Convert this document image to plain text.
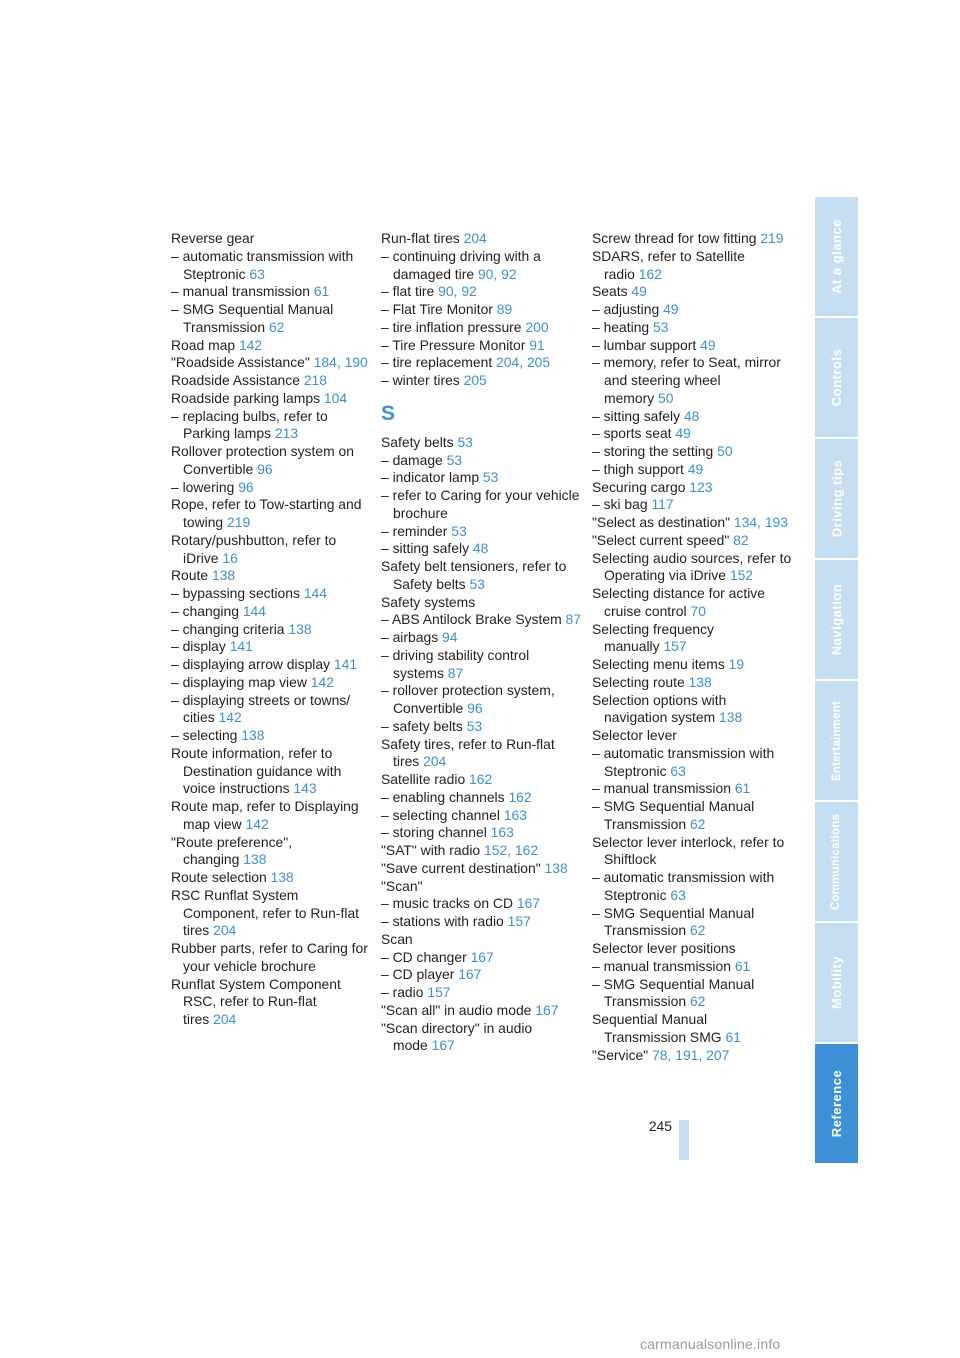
Reverse gear
– automatic transmission with Steptronic 63
– manual transmission 61
– SMG Sequential Manual Transmission 62
Road map 142
"Roadside Assistance" 184, 190
Roadside Assistance 218
Roadside parking lamps 104
– replacing bulbs, refer to Parking lamps 213
Rollover protection system on Convertible 96
– lowering 96
Rope, refer to Tow-starting and towing 219
Rotary/pushbutton, refer to iDrive 16
Route 138
– bypassing sections 144
– changing 144
– changing criteria 138
– display 141
– displaying arrow display 141
– displaying map view 142
– displaying streets or towns/ cities 142
– selecting 138
Route information, refer to Destination guidance with voice instructions 143
Route map, refer to Displaying map view 142
"Route preference", changing 138
Route selection 138
RSC Runflat System Component, refer to Run-flat tires 204
Rubber parts, refer to Caring for your vehicle brochure
Runflat System Component RSC, refer to Run-flat tires 204
Run-flat tires 204
– continuing driving with a damaged tire 90, 92
– flat tire 90, 92
– Flat Tire Monitor 89
– tire inflation pressure 200
– Tire Pressure Monitor 91
– tire replacement 204, 205
– winter tires 205
S
Safety belts 53
– damage 53
– indicator lamp 53
– refer to Caring for your vehicle brochure
– reminder 53
– sitting safely 48
Safety belt tensioners, refer to Safety belts 53
Safety systems
– ABS Antilock Brake System 87
– airbags 94
– driving stability control systems 87
– rollover protection system, Convertible 96
– safety belts 53
Safety tires, refer to Run-flat tires 204
Satellite radio 162
– enabling channels 162
– selecting channel 163
– storing channel 163
"SAT" with radio 152, 162
"Save current destination" 138
"Scan"
– music tracks on CD 167
– stations with radio 157
Scan
– CD changer 167
– CD player 167
– radio 157
"Scan all" in audio mode 167
"Scan directory" in audio mode 167
Screw thread for tow fitting 219
SDARS, refer to Satellite radio 162
Seats 49
– adjusting 49
– heating 53
– lumbar support 49
– memory, refer to Seat, mirror and steering wheel memory 50
– sitting safely 48
– sports seat 49
– storing the setting 50
– thigh support 49
Securing cargo 123
– ski bag 117
"Select as destination" 134, 193
"Select current speed" 82
Selecting audio sources, refer to Operating via iDrive 152
Selecting distance for active cruise control 70
Selecting frequency manually 157
Selecting menu items 19
Selecting route 138
Selection options with navigation system 138
Selector lever
– automatic transmission with Steptronic 63
– manual transmission 61
– SMG Sequential Manual Transmission 62
Selector lever interlock, refer to Shiftlock
– automatic transmission with Steptronic 63
– SMG Sequential Manual Transmission 62
Selector lever positions
– manual transmission 61
– SMG Sequential Manual Transmission 62
Sequential Manual Transmission SMG 61
"Service" 78, 191, 207
245
At a glance
Controls
Driving tips
Navigation
Entertainment
Communications
Mobility
Reference
carmanualsonline.info
